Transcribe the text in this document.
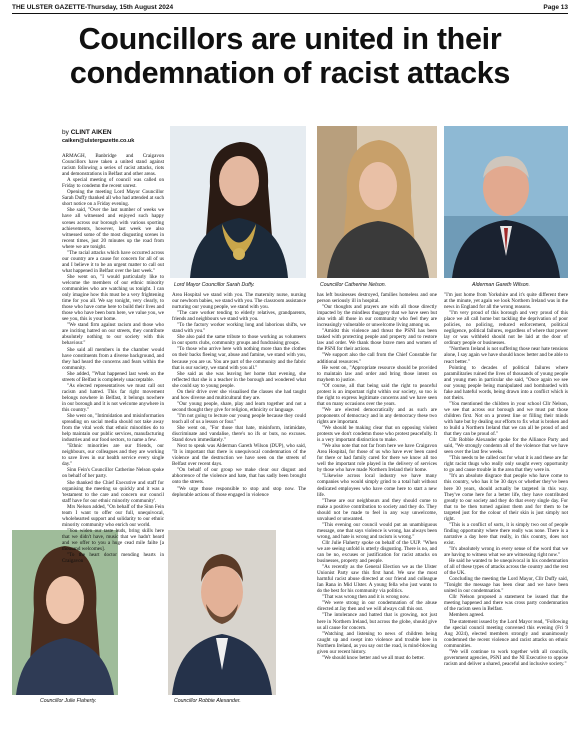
THE ULSTER GAZETTE-Thursday, 15th August 2024	Page 13
Councillors are united in their condemnation of racist attacks
by CLINT AIKEN
caiken@ulstergazette.co.uk
Lord Mayor Councillor Sarah Duffy.	Councillor Catherine Nelson.	Alderman Gareth Wilson.
Councillor Julie Flaherty.	Councillor Robbie Alexander.

ARMAGH, Banbridge and Craigavon Councillors have taken a united stand against racism following a series of racist attacks, riots and demonstrations in Belfast and other areas.

A special meeting of council was called on Friday to condemn the recent unrest.

Opening the meeting Lord Mayor Councillor Sarah Duffy thanked all who had attended at such short notice on a Friday evening.

She said, "Over the last number of weeks we have all witnessed and enjoyed such happy scenes across our borough with various sporting achievements, however, last week we also witnessed some of the most disgusting scenes in recent times, just 20 minutes up the road from where we are tonight.

"The racial attacks which have occurred across our country are a cause for concern for all of us and I believe it to be an urgent matter to call out what happened in Belfast over the last week."

She went on, "I would particularly like to welcome the members of our ethnic minority communities who are watching us tonight. I can only imagine how this must be a very frightening time for you all. We say tonight, very clearly, to those who have come here to build their lives and those who have been born here, we value you, we see you, this is your home.

"We stand firm against racism and those who are inciting hatred on our streets, they contribute absolutely nothing to our society with this behaviour."

She said all members in the chamber would have constituents from a diverse background, and they had heard the concerns and fears within the community.

She added, "What happened last week on the streets of Belfast is completely unacceptable.

"As elected representatives we must call out racism and hatred. This far right movement belongs nowhere in Belfast, it belongs nowhere in our borough and it is not welcome anywhere in this country."

She went on, "Intimidation and misinformation spreading on social media should not take away from the vital work that ethnic minorities do to help maintain our public services, manufacturing industries and our food sectors, to name a few.

"Ethnic minorities are our friends, our neighbours, our colleagues and they are working to save lives in our health service every single day."

Sinn Fein's Councillor Catherine Nelson spoke on behalf of her party.

She thanked the Chief Executive and staff for organising the meeting so quickly and it was a 'testament to the care and concern our council staff have for our ethnic minority community'.

Mrs Nelson added, "On behalf of the Sinn Fein team I want to offer our full, unequivocal, wholehearted support and solidarity to our ethnic minority community who enrich our world.

"You widen our taste buds, bring skills here that we didn't have, music that we hadn't heard and we offer to you a huge cead mile failte [a thousand welcomes].

"To the heart doctor mending hearts in Craigavon

Area Hospital we stand with you. The maternity nurse, nursing our newborn babies, we stand with you. The classroom assistance nurturing our young people, we stand with you.

"The care worker tending to elderly relatives, grandparents, friends and neighbours we stand with you.

"To the factory worker working long and laborious shifts, we stand with you."

She also paid the same tribute to those working as volunteers in our sports clubs, community groups and fundraising groups.

"To those who arrive here with nothing more than the clothes on their backs fleeing war, abuse and famine, we stand with you, because you are us. You are part of the community and the fabric that is our society, we stand with you all."

She said as she was leaving her home that evening, she reflected that she is a teacher in the borough and wondered what she could say to young people.

On their drive over she visualised the classes she had taught and how diverse and multicultural they are.

"Our young people, share, play and learn together and not a second thought they give for religion, ethnicity or language.

"I'm not going to lecture our young people because they could teach all of us a lesson or four."

She went on, "For those that hate, misinform, intimidate, discriminate and vandalise, there's no ifs or buts, no excuses. Stand down immediately."

Next to speak was Alderman Gareth Wilson (DUP), who said, "It is important that there is unequivocal condemnation of the violence and the destruction we have seen on the streets of Belfast over recent days.

"On behalf of our group we make clear our disgust and abhorrence of the violence and hate, that has sadly been brought onto the streets.

"We urge those responsible to stop and stop now. The deplorable actions of those engaged in violence

has left businesses destroyed, families homeless and one person seriously ill in hospital.

"Our thoughts and prayers are with all those directly impacted by the mindless thuggery that we have seen but also with all those in our community who feel they are increasingly vulnerable or unwelcome living among us.

"Amidst this violence and threat the PSNI has been tasked with protecting people and property and to restore law and order. We thank those brave men and women of the PSNI for their actions.

"We support also the call from the Chief Constable for additional resources."

He went on, "Appropriate resource should be provided to maintain law and order and bring those intent on mayhem to justice.

"Of course, all that being said the right to peaceful protest is an important right within our society, so too is the right to express legitimate concerns and we have seen that on many occasions over the years.

"We are elected democratically and as such are proponents of democracy and in any democracy these two rights are important.

"We should be making clear that on opposing violent protests we don't condemn those who protest peacefully. It is a very important distinction to make.

"We also note that not far from here we have Craigavon Area Hospital, for those of us who have ever been cared for there or had family cared for there we know all too well the important role played in the delivery of services by those who have made Northern Ireland their home.

"Likewise across local industry we have many companies who would simply grind to a total halt without dedicated employees who have come here to start a new life.

"These are our neighbours and they should come to make a positive contribution to society and they do. They should not be made to feel in any way unwelcome, unvalued or unwanted.

"This evening our council would put an unambiguous message, one that says violence is wrong, has always been wrong, and hate is wrong and racism is wrong."

Cllr Julie Flaherty spoke on behalf of the UUP. "When we are seeing unfold is utterly disgusting. There is no, and can be no, excuses or justification for racist attacks on businesses, property and people.

"As recently as the General Election we as the Ulster Unionist Party saw this first hand. We saw the most harmful racist abuse directed at our friend and colleague Ian Rana in Mid Ulster. A young fella who just wants to do the best for his community via politics.

"That was wrong then and it is wrong now.

"We were strong in our condemnation of the abuse directed at Jay then and we will always call this out.

"The intolerance and hatred that is growing, not just here in Northern Ireland, but across the globe, should give us all cause for concern.

"Watching and listening to news of children being caught up and swept into violence and trouble here in Northern Ireland, as you say out the road, is mind-blowing given our recent history.

"We should know better and we all must do better.

"I'm just home from Yorkshire and it's quite different there at the minute, yet again we look Northern Ireland was in the news in England for all the wrong reasons.

"I'm very proud of this borough and very proud of this place we all call home but tackling the deprivation of poor policies, no policing, reduced enforcement, political negligence, political failures, regardless of where that power lay or was withheld should not be laid at the door of ordinary people or businesses.

"Northern Ireland is not suffering those near hate tensions alone, I say again we have should know better and be able to react better."

Pointing to decades of political failures where paramilitaries ruined the lives of thousands of young people and young men in particular she said, "Once again we see our young people being manipulated and bombarded with fake and hateful words, being drawn into a conflict which is not theirs.

"You mentioned the children in your school Cllr Nelson, we see that across our borough and we must put those children first. Not on a protest line or filling their minds with hate but by dealing our efforts to fix what is broken and to build a Northern Ireland that we can all be proud of and that they can be proud of."

Cllr Robbie Alexander spoke for the Alliance Party and said, "We strongly condemn all of the violence that we have seen over the last few weeks.

"This needs to be called out for what it is and these are far right racist thugs who really only sought every opportunity to go and cause trouble in the area that they were in.

"It's an absolute disgrace that people who have come to this country, who has it be 30 days or whether they've been here 30 years, should actually be targeted in this way. They've come here for a better life, they have contributed greatly to our society and they do that every single day. For that to be then turned against them and for them to be targeted just for the colour of their skin is just simply not right.

"This is a conflict of sorts, it is simply two out of people finding opportunity where there really was none. There is a narrative a day here that really, in this country, does not exist.

"It's absolutely wrong in every sense of the word that we are having to witness what we are witnessing right now."

He said he wanted to be unequivocal in his condemnation of all of these types of attacks across the country and the rest of the UK.

Concluding the meeting the Lord Mayor, Cllr Duffy said, "Tonight the message has been clear and we have been united in our condemnation."

Cllr Nelson proposed a statement be issued that the meeting happened and there was cross party condemnation of the racism seen in Belfast.

Members agreed.

The statement issued by the Lord Mayor read, "Following the special council meeting convened this evening (Fri 9 Aug 2024), elected members strongly and unanimously condemned the recent violence and racist attacks on ethnic communities.

"We will continue to work together with all councils, government agencies, PSNI and the NI Executive to oppose racism and deliver a shared, peaceful and inclusive society."
